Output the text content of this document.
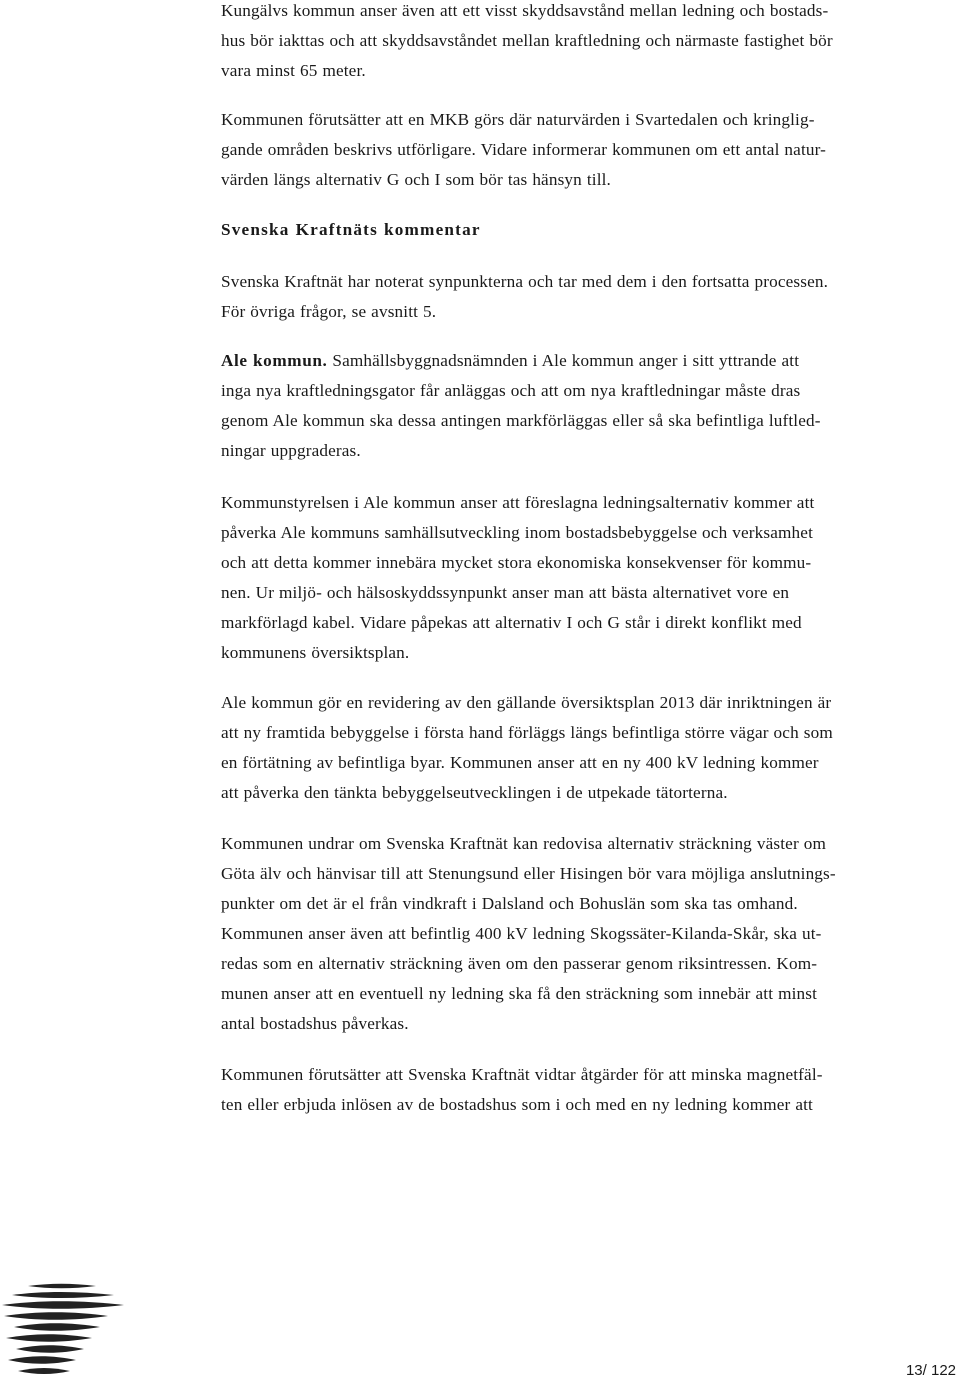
Kungälvs kommun anser även att ett visst skyddsavstånd mellan ledning och bostads-
hus bör iakttas och att skyddsavståndet mellan kraftledning och närmaste fastighet bör
vara minst 65 meter.
Kommunen förutsätter att en MKB görs där naturvärden i Svartedalen och kringlig-
gande områden beskrivs utförligare. Vidare informerar kommunen om ett antal natur-
värden längs alternativ G och I som bör tas hänsyn till.
Svenska Kraftnäts kommentar
Svenska Kraftnät har noterat synpunkterna och tar med dem i den fortsatta processen.
För övriga frågor, se avsnitt 5.
Ale kommun. Samhällsbyggnadsnämnden i Ale kommun anger i sitt yttrande att
inga nya kraftledningsgator får anläggas och att om nya kraftledningar måste dras
genom Ale kommun ska dessa antingen markförläggas eller så ska befintliga luftled-
ningar uppgraderas.
Kommunstyrelsen i Ale kommun anser att föreslagna ledningsalternativ kommer att
påverka Ale kommuns samhällsutveckling inom bostadsbebyggelse och verksamhet
och att detta kommer innebära mycket stora ekonomiska konsekvenser för kommu-
nen. Ur miljö- och hälsoskyddssynpunkt anser man att bästa alternativet vore en
markförlagd kabel. Vidare påpekas att alternativ I och G står i direkt konflikt med
kommunens översiktsplan.
Ale kommun gör en revidering av den gällande översiktsplan 2013 där inriktningen är
att ny framtida bebyggelse i första hand förläggs längs befintliga större vägar och som
en förtätning av befintliga byar. Kommunen anser att en ny 400 kV ledning kommer
att påverka den tänkta bebyggelseutvecklingen i de utpekade tätorterna.
Kommunen undrar om Svenska Kraftnät kan redovisa alternativ sträckning väster om
Göta älv och hänvisar till att Stenungsund eller Hisingen bör vara möjliga anslutnings-
punkter om det är el från vindkraft i Dalsland och Bohuslän som ska tas omhand.
Kommunen anser även att befintlig 400 kV ledning Skogssäter-Kilanda-Skår, ska ut-
redas som en alternativ sträckning även om den passerar genom riksintressen. Kom-
munen anser att en eventuell ny ledning ska få den sträckning som innebär att minst
antal bostadshus påverkas.
Kommunen förutsätter att Svenska Kraftnät vidtar åtgärder för att minska magnetfäl-
ten eller erbjuda inlösen av de bostadshus som i och med en ny ledning kommer att
13/ 122
